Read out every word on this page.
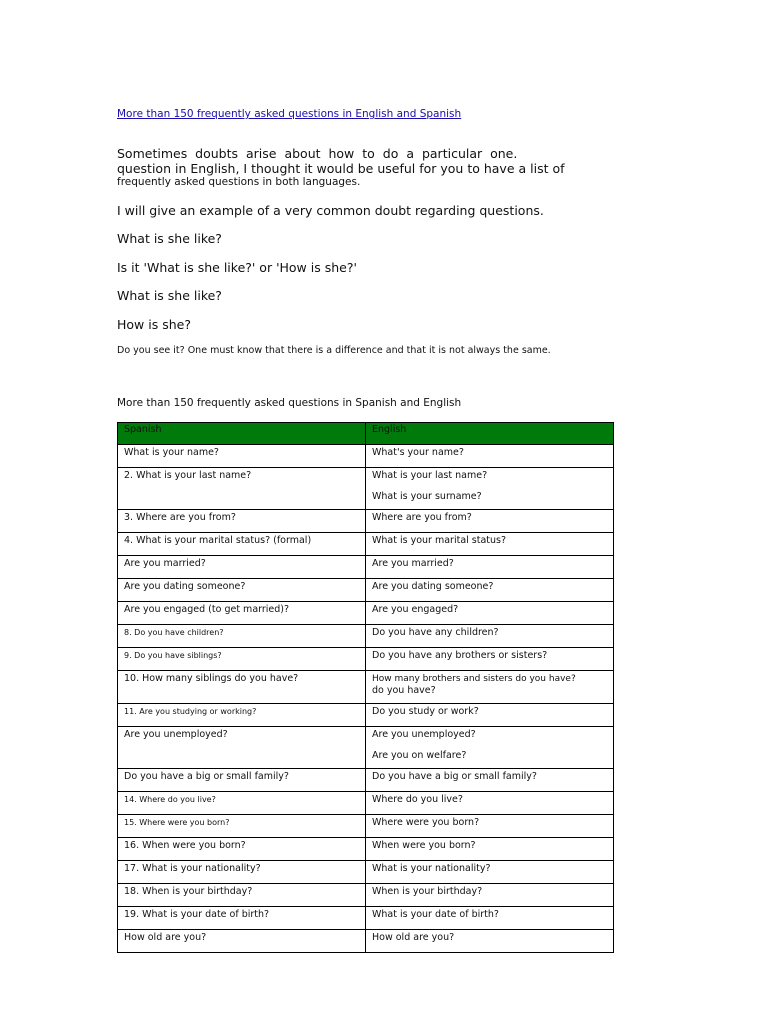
More than 150 frequently asked questions in English and Spanish
Sometimes doubts arise about how to do a particular one.
question in English, I thought it would be useful for you to have a list of
frequently asked questions in both languages.
I will give an example of a very common doubt regarding questions.
What is she like?
Is it 'What is she like?' or 'How is she?'
What is she like?
How is she?
Do you see it? One must know that there is a difference and that it is not always the same.
More than 150 frequently asked questions in Spanish and English
Spanish	English
What is your name?	What's your name?

2. What is your last name?	What is your last name?
What is your surname?

3. Where are you from?	Where are you from?

4. What is your marital status? (formal)	What is your marital status?

Are you married?	Are you married?

Are you dating someone?	Are you dating someone?

Are you engaged (to get married)?	Are you engaged?

8. Do you have children?	Do you have any children?

9. Do you have siblings?	Do you have any brothers or sisters?

10. How many siblings do you have?	How many brothers and sisters do you have?
do you have?

11. Are you studying or working?	Do you study or work?

Are you unemployed?	Are you unemployed?
Are you on welfare?

Do you have a big or small family?	Do you have a big or small family?

14. Where do you live?	Where do you live?

15. Where were you born?	Where were you born?

16. When were you born?	When were you born?

17. What is your nationality?	What is your nationality?

18. When is your birthday?	When is your birthday?

19. What is your date of birth?	What is your date of birth?

How old are you?	How old are you?
